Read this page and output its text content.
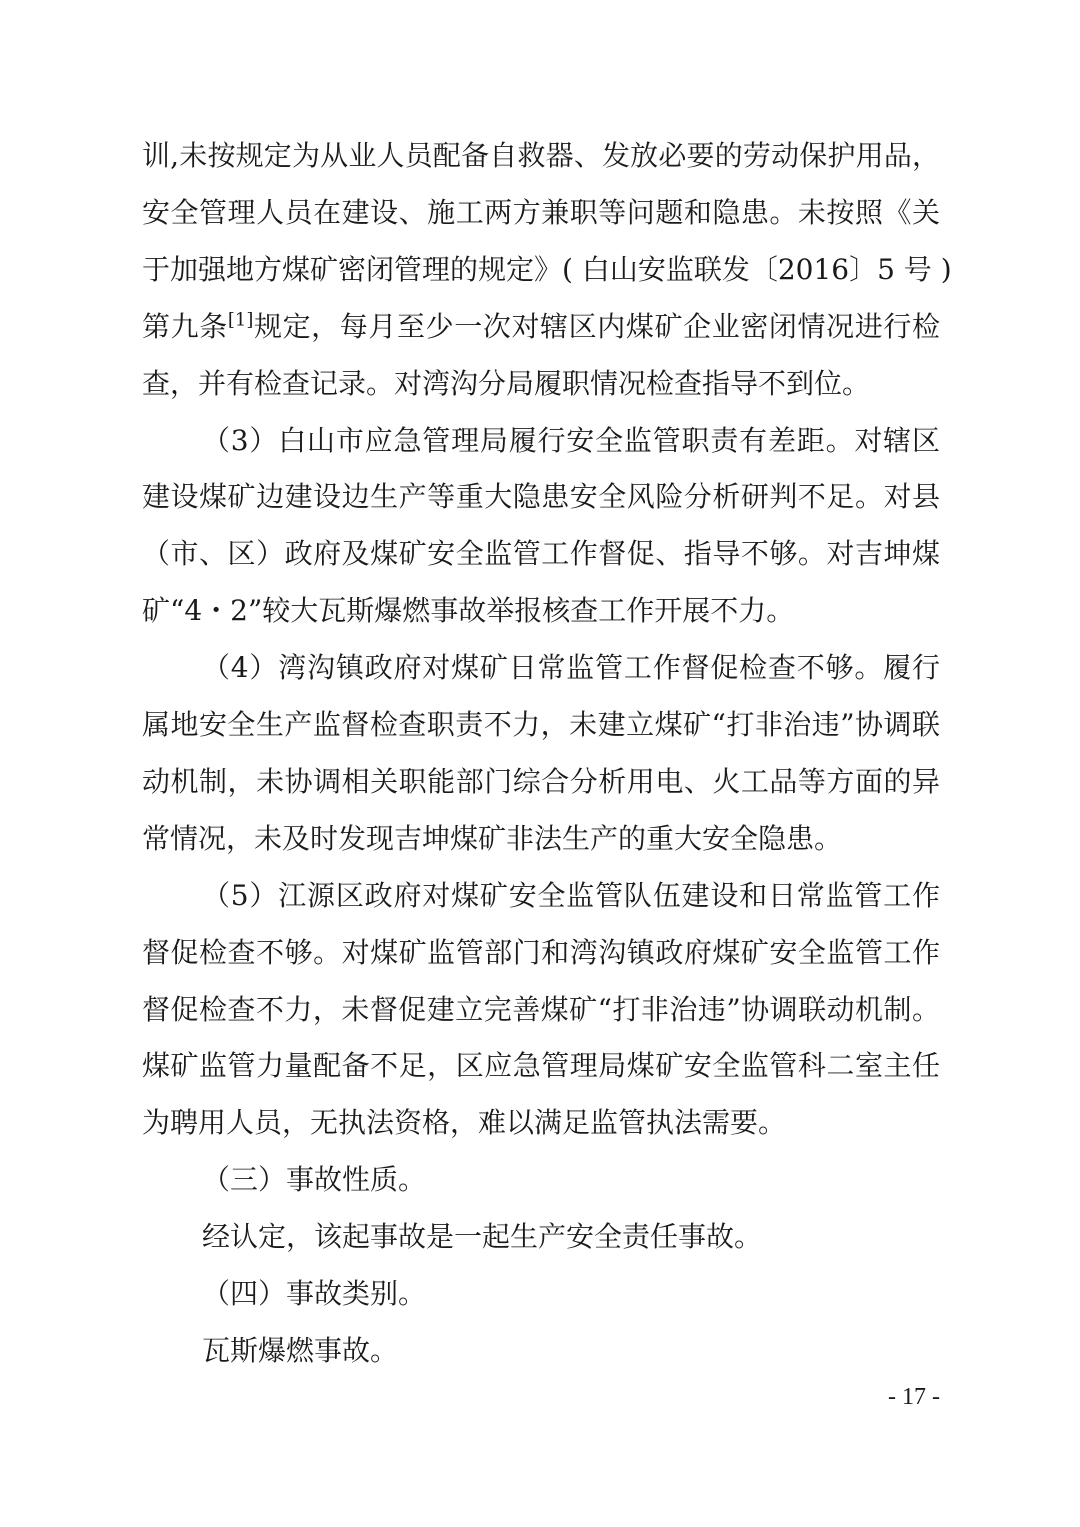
训,未按规定为从业人员配备自救器、发放必要的劳动保护用品，
安全管理人员在建设、施工两方兼职等问题和隐患。未按照《关
于加强地方煤矿密闭管理的规定》( 白山安监联发〔2016〕5 号 )
第九条[1]规定，每月至少一次对辖区内煤矿企业密闭情况进行检
查，并有检查记录。对湾沟分局履职情况检查指导不到位。
（3）白山市应急管理局履行安全监管职责有差距。对辖区
建设煤矿边建设边生产等重大隐患安全风险分析研判不足。对县
（市、区）政府及煤矿安全监管工作督促、指导不够。对吉坤煤
矿“4・2”较大瓦斯爆燃事故举报核查工作开展不力。
（4）湾沟镇政府对煤矿日常监管工作督促检查不够。履行
属地安全生产监督检查职责不力，未建立煤矿“打非治违”协调联
动机制，未协调相关职能部门综合分析用电、火工品等方面的异
常情况，未及时发现吉坤煤矿非法生产的重大安全隐患。
（5）江源区政府对煤矿安全监管队伍建设和日常监管工作
督促检查不够。对煤矿监管部门和湾沟镇政府煤矿安全监管工作
督促检查不力，未督促建立完善煤矿“打非治违”协调联动机制。
煤矿监管力量配备不足，区应急管理局煤矿安全监管科二室主任
为聘用人员，无执法资格，难以满足监管执法需要。
（三）事故性质。
经认定，该起事故是一起生产安全责任事故。
（四）事故类别。
瓦斯爆燃事故。
- 17 -
